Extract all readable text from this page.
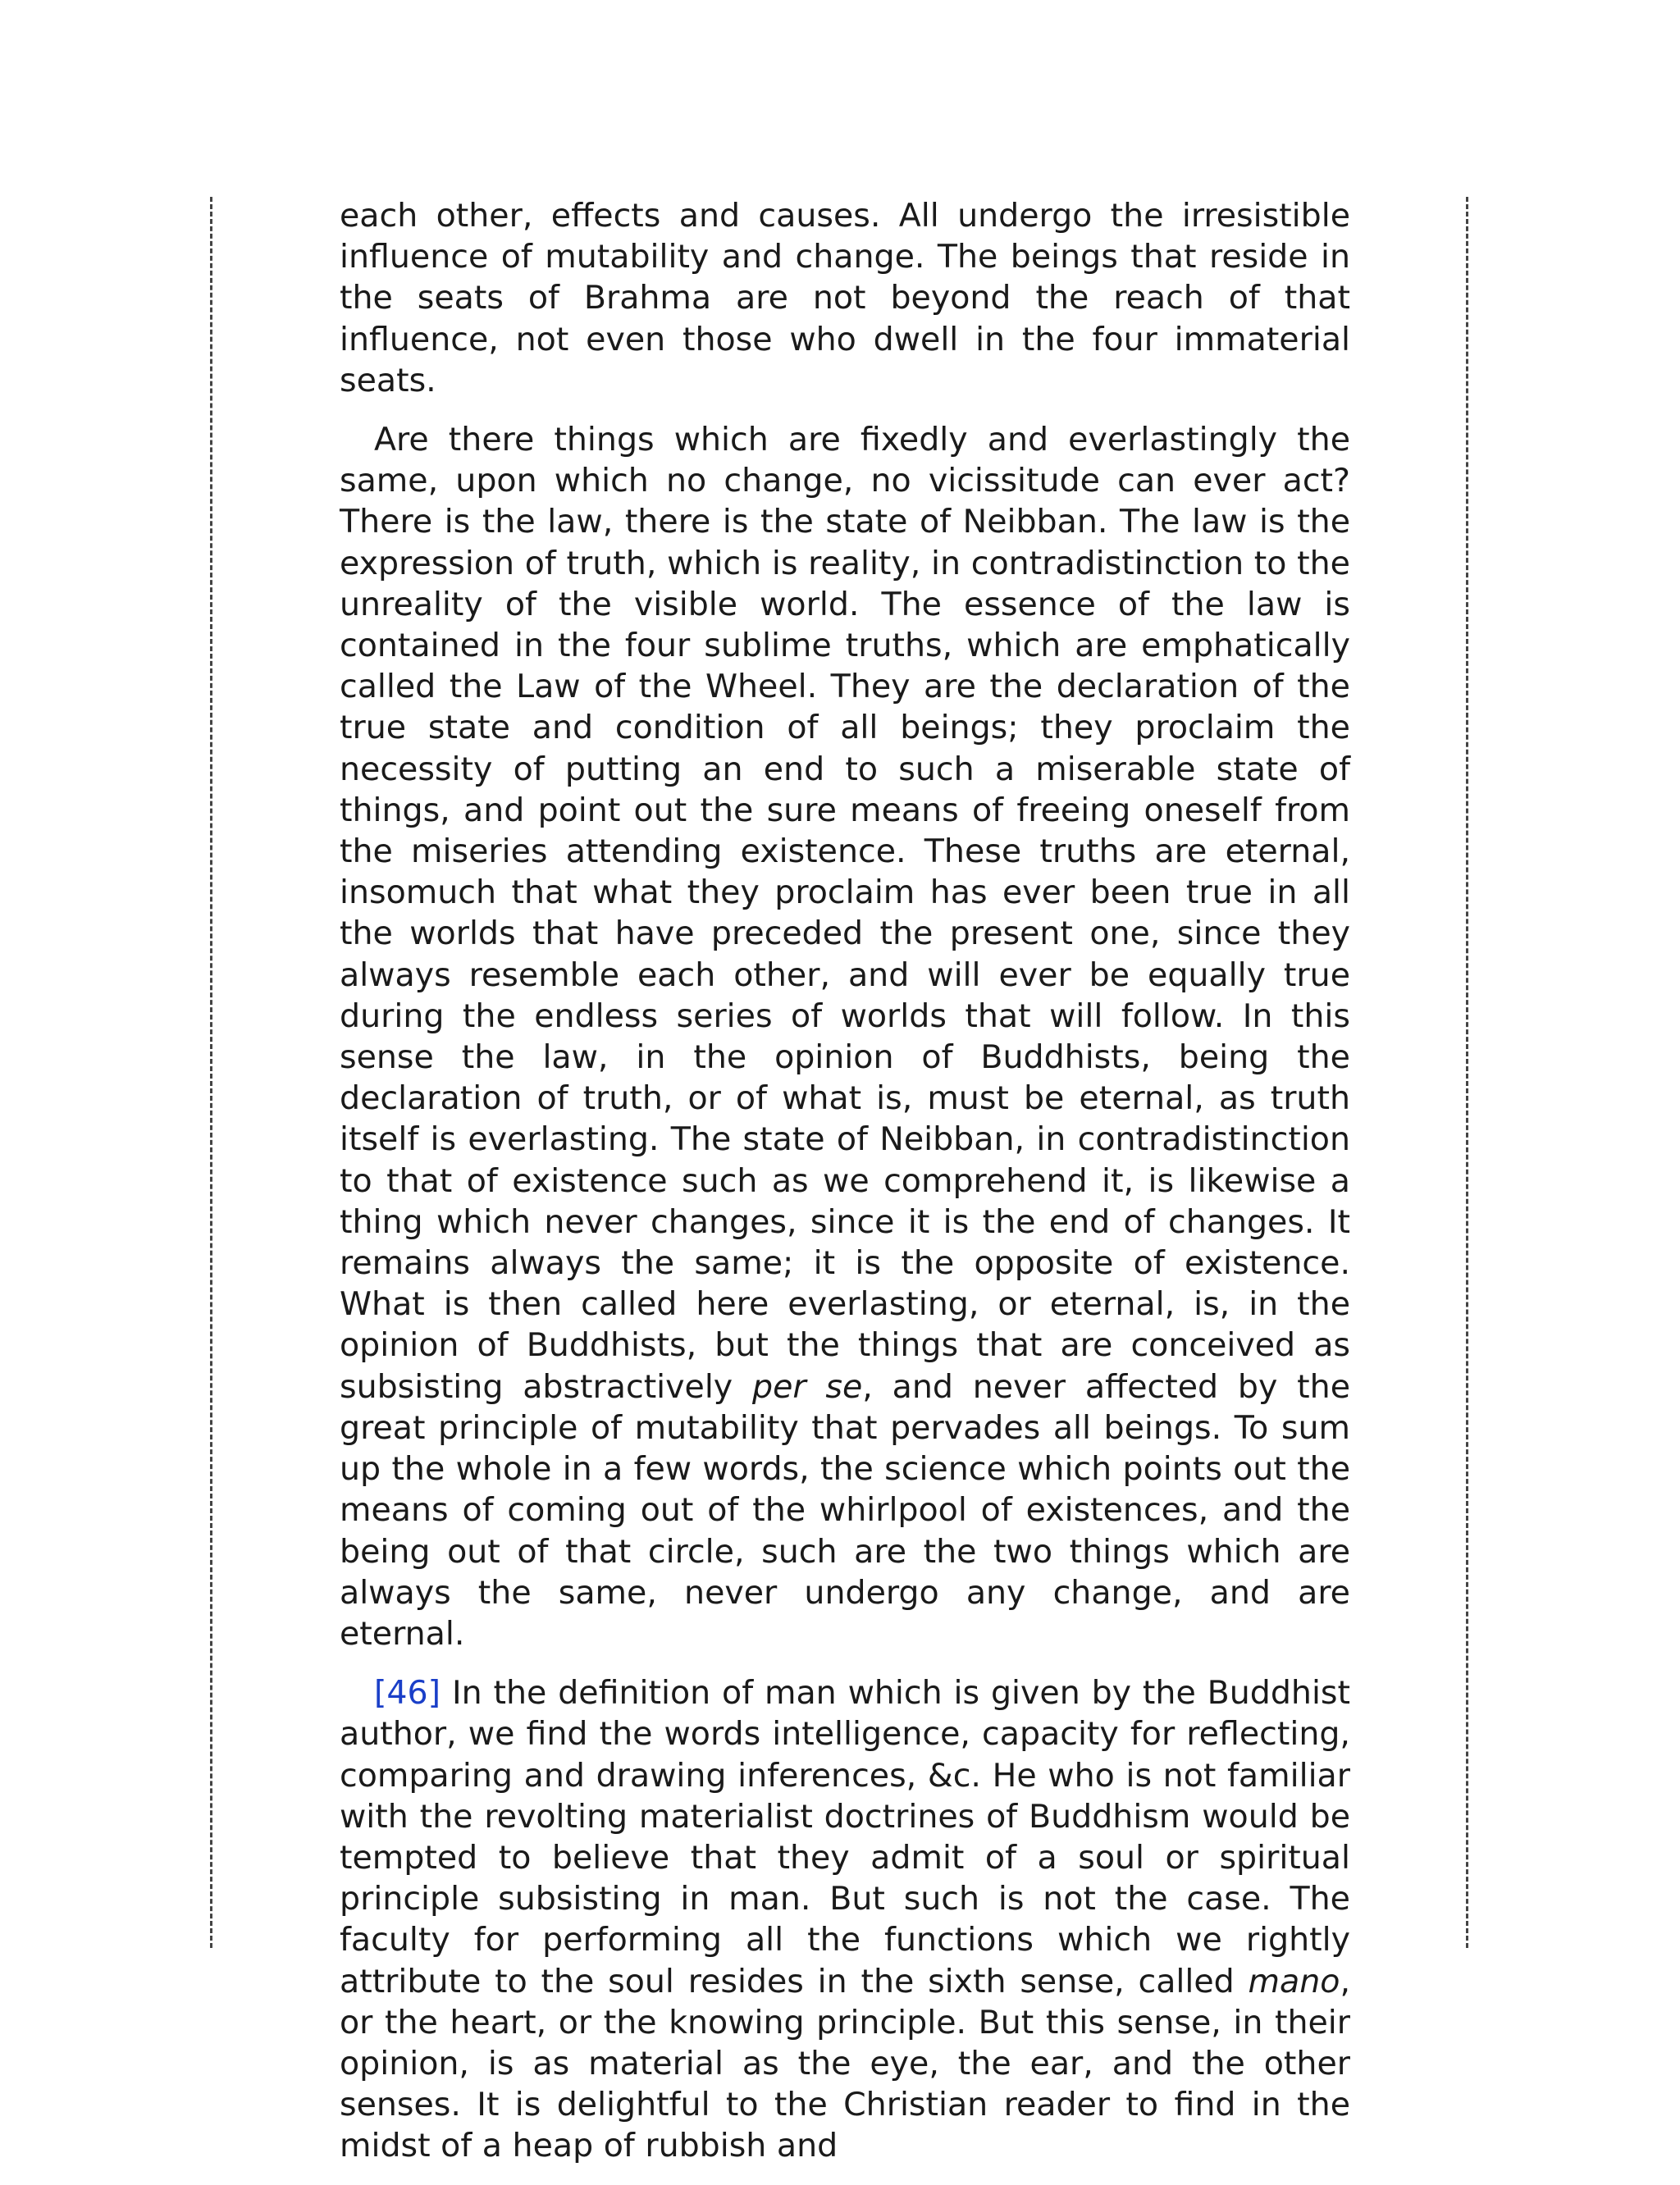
each other, effects and causes. All undergo the irresistible influence of mutability and change. The beings that reside in the seats of Brahma are not beyond the reach of that influence, not even those who dwell in the four immaterial seats.

Are there things which are fixedly and everlastingly the same, upon which no change, no vicissitude can ever act? There is the law, there is the state of Neibban. The law is the expression of truth, which is reality, in contradistinction to the unreality of the visible world. The essence of the law is contained in the four sublime truths, which are emphatically called the Law of the Wheel. They are the declaration of the true state and condition of all beings; they proclaim the necessity of putting an end to such a miserable state of things, and point out the sure means of freeing oneself from the miseries attending existence. These truths are eternal, insomuch that what they proclaim has ever been true in all the worlds that have preceded the present one, since they always resemble each other, and will ever be equally true during the endless series of worlds that will follow. In this sense the law, in the opinion of Buddhists, being the declaration of truth, or of what is, must be eternal, as truth itself is everlasting. The state of Neibban, in contradistinction to that of existence such as we comprehend it, is likewise a thing which never changes, since it is the end of changes. It remains always the same; it is the opposite of existence. What is then called here everlasting, or eternal, is, in the opinion of Buddhists, but the things that are conceived as subsisting abstractively per se, and never affected by the great principle of mutability that pervades all beings. To sum up the whole in a few words, the science which points out the means of coming out of the whirlpool of existences, and the being out of that circle, such are the two things which are always the same, never undergo any change, and are eternal.

[46] In the definition of man which is given by the Buddhist author, we find the words intelligence, capacity for reflecting, comparing and drawing inferences, &c. He who is not familiar with the revolting materialist doctrines of Buddhism would be tempted to believe that they admit of a soul or spiritual principle subsisting in man. But such is not the case. The faculty for performing all the functions which we rightly attribute to the soul resides in the sixth sense, called mano, or the heart, or the knowing principle. But this sense, in their opinion, is as material as the eye, the ear, and the other senses. It is delightful to the Christian reader to find in the midst of a heap of rubbish and
